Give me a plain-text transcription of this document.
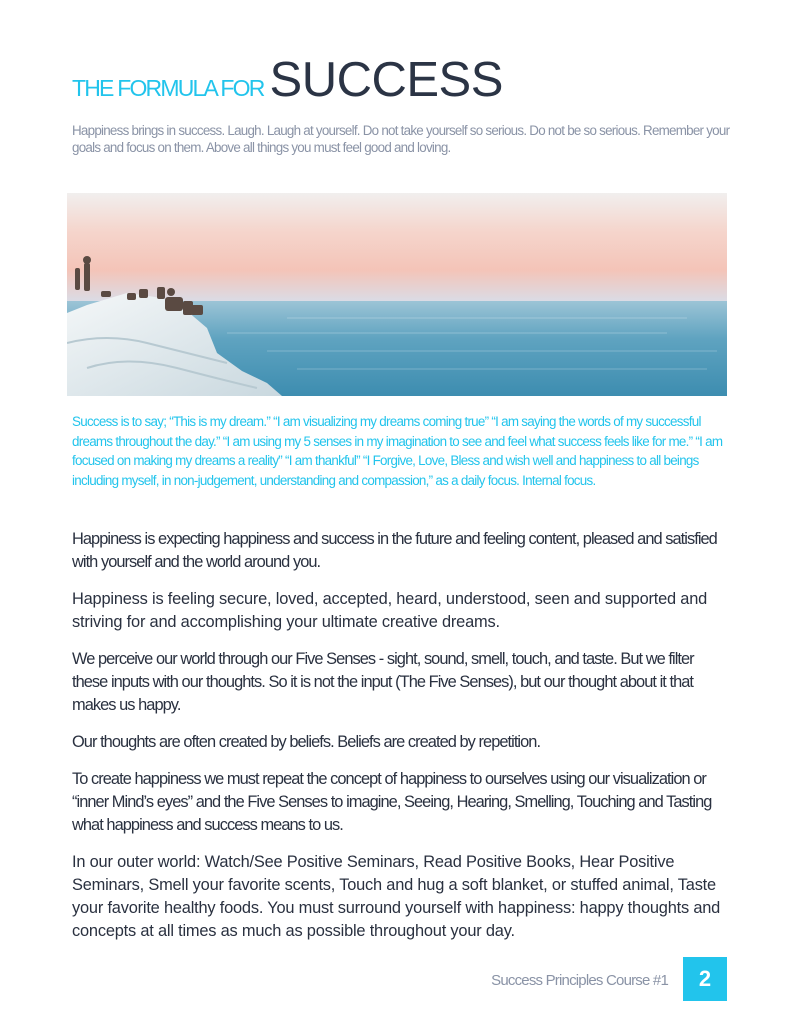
THE FORMULA FOR SUCCESS

Happiness brings in success. Laugh. Laugh at yourself. Do not take yourself so serious. Do not be so serious. Remember your goals and focus on them. Above all things you must feel good and loving.

Success is to say; “This is my dream.” “I am visualizing my dreams coming true” “I am saying the words of my successful dreams throughout the day.” “I am using my 5 senses in my imagination to see and feel what success feels like for me.” “I am focused on making my dreams a reality” “I am thankful” “I Forgive, Love, Bless and wish well and happiness to all beings including myself, in non-judgement, understanding and compassion,” as a daily focus. Internal focus.

Happiness is expecting happiness and success in the future and feeling content, pleased and satisfied with yourself and the world around you.

Happiness is feeling secure, loved, accepted, heard, understood, seen and supported and striving for and accomplishing your ultimate creative dreams.

We perceive our world through our Five Senses - sight, sound, smell, touch, and taste. But we filter these inputs with our thoughts. So it is not the input (The Five Senses), but our thought about it that makes us happy.

Our thoughts are often created by beliefs. Beliefs are created by repetition.

To create happiness we must repeat the concept of happiness to ourselves using our visualization or “inner Mind’s eyes” and the Five Senses to imagine, Seeing, Hearing, Smelling, Touching and Tasting what happiness and success means to us.

In our outer world: Watch/See Positive Seminars, Read Positive Books, Hear Positive Seminars, Smell your favorite scents, Touch and hug a soft blanket, or stuffed animal, Taste your favorite healthy foods. You must surround yourself with happiness: happy thoughts and concepts at all times as much as possible throughout your day.

Success Principles Course #1	2
